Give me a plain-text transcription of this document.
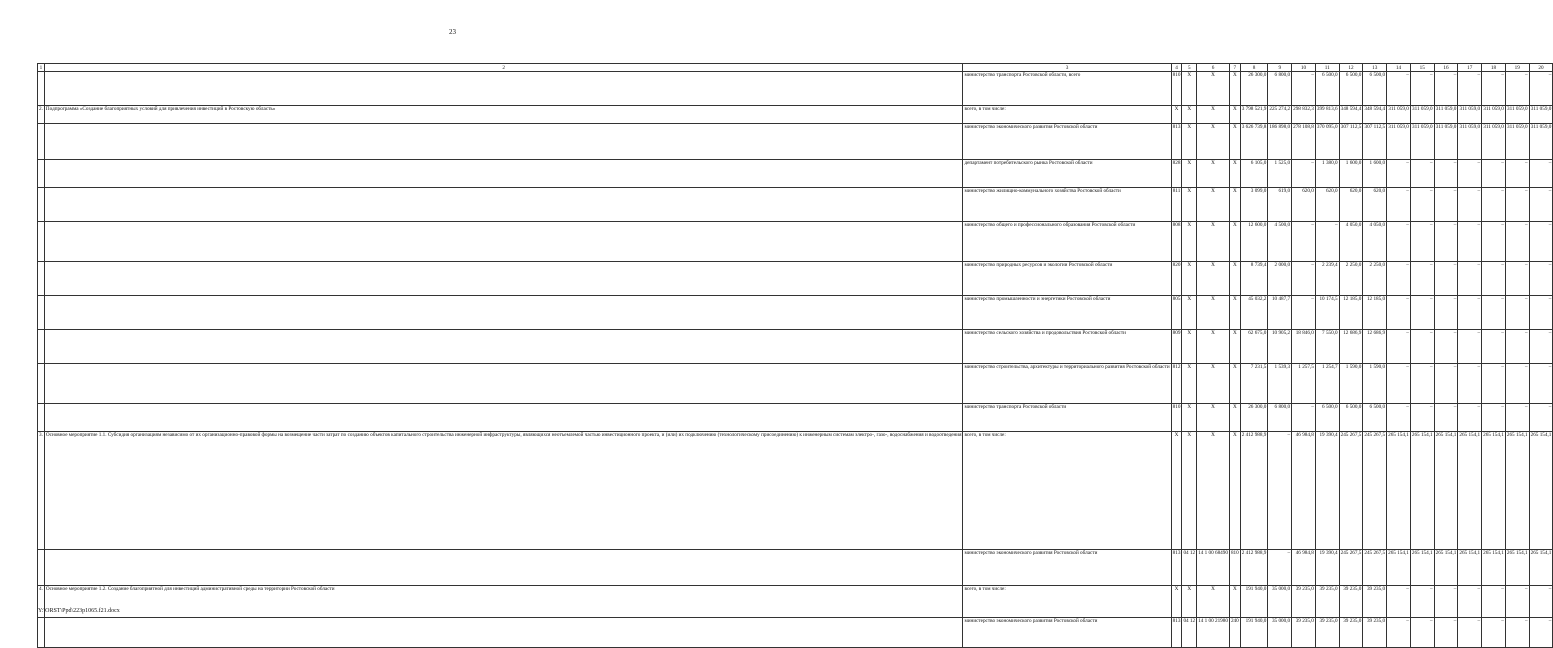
23
1	2	3	4	5	6	7	8	9	10	11	12	13	14	15	16	17	18	19	20
		министерство транспорта Ростовской области, всего	810	X	X	X	26 300,0	6 800,0	–	6 500,0	6 500,0	6 500,0	–	–	–	–	–	–	–
2.	Подпрограмма «Создание благоприятных условий для привлечения инвестиций в Ростовскую область»	всего, в том числе:	X	X	X	X	3 798 521,9	225 274,2	298 832,3	399 813,6	348 594,4	348 594,4	311 059,0	311 059,0	311 059,0	311 059,0	311 059,0	311 059,0	311 059,0
		министерство экономического развития Ростовской области	813	X	X	X	3 626 739,8	186 898,0	278 108,8	370 095,0	307 112,5	307 112,5	311 059,0	311 059,0	311 059,0	311 059,0	311 059,0	311 059,0	311 059,0
		департамент потребительского рынка Ростовской области	828	X	X	X	6 105,0	1 525,0	–	1 380,0	1 600,0	1 600,0	–	–	–	–	–	–	–
		министерство жилищно-коммунального хозяйства Ростовской области	811	X	X	X	3 099,0	619,0	620,0	620,0	620,0	620,0	–	–	–	–	–	–	–
		министерство общего и профессионального образования Ростовской области	808	X	X	X	12 600,0	4 500,0	–	–	4 050,0	4 050,0	–	–	–	–	–	–	–
		министерство природных ресурсов и экологии Ростовской области	820	X	X	X	8 739,4	2 000,0	–	2 239,4	2 250,0	2 250,0	–	–	–	–	–	–	–
		министерство промышленности и энергетики Ростовской области	805	X	X	X	45 032,2	10 487,7	–	10 174,5	12 185,0	12 185,0	–	–	–	–	–	–	–
		министерство сельского хозяйства и продовольствия Ростовской области	809	X	X	X	62 675,0	10 905,2	18 846,0	7 550,0	12 686,9	12 686,9	–	–	–	–	–	–	–
		министерство строительства, архитектуры и территориального развития Ростовской области	812	X	X	X	7 231,5	1 539,3	1 257,5	1 254,7	1 590,0	1 590,0	–	–	–	–	–	–	–
		министерство транспорта Ростовской области	810	X	X	X	26 300,0	6 800,0	–	6 500,0	6 500,0	6 500,0	–	–	–	–	–	–	–
3.	Основное мероприятие 1.1. Субсидия организациям независимо от их организационно-правовой формы на возмещение части затрат по созданию объектов капитального строительства инженерной инфраструктуры, являющихся неотъемлемой частью инвестиционного проекта, и (или) их подключению (технологическому присоединению) к инженерным системам электро-, газо-, водоснабжения и водоотведения	всего, в том числе:	X	X	X	X	2 412 988,9	–	46 984,8	19 390,4	245 267,5	245 267,5	265 154,1	265 154,1	265 154,1	265 154,1	265 154,1	265 154,1	265 154,1
		министерство экономического развития Ростовской области	813	04 12	14 1 00 68490	810	2 412 988,9	–	46 984,8	19 390,4	245 267,5	245 267,5	265 154,1	265 154,1	265 154,1	265 154,1	265 154,1	265 154,1	265 154,1
4.	Основное мероприятие 1.2. Создание благоприятной для инвестиций административной среды на территории Ростовской области	всего, в том числе:	X	X	X	X	191 940,0	35 000,0	39 235,0	39 235,0	39 235,0	39 235,0	–	–	–	–	–	–	–
		министерство экономического развития Ростовской области	813	04 12	14 1 00 21980	240	191 940,0	35 000,0	39 235,0	39 235,0	39 235,0	39 235,0	–	–	–	–	–	–	–
Y:\ORST\Ppd\223p1065.f21.docx
